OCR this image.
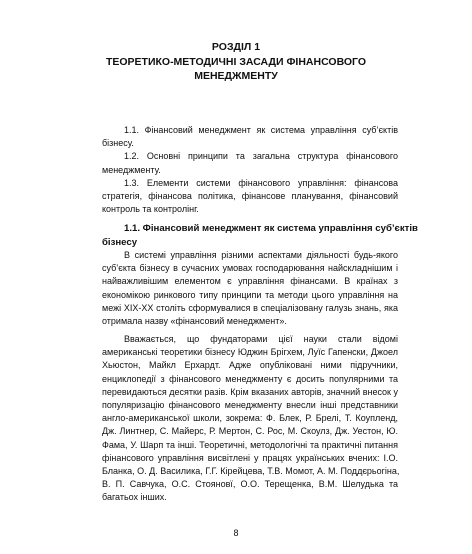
РОЗДІЛ 1
ТЕОРЕТИКО-МЕТОДИЧНІ ЗАСАДИ ФІНАНСОВОГО
МЕНЕДЖМЕНТУ
1.1. Фінансовий менеджмент як система управління суб’єктів
бізнесу.
1.2. Основні принципи та загальна структура фінансового
менеджменту.
1.3. Елементи системи фінансового управління: фінансова
стратегія, фінансова політика, фінансове планування, фінансовий
контроль та контролінг.
1.1. Фінансовий менеджмент як система управління суб’єктів
бізнесу
В системі управління різними аспектами діяльності будь-якого
суб’єкта бізнесу в сучасних умовах господарювання найскладнішим і
найважливішим елементом є управління фінансами. В країнах з
економікою ринкового типу принципи та методи цього управління на
межі XIX-XX століть сформувалися в спеціалізовану галузь знань, яка
отримала назву «фінансовий менеджмент».
Вважається, що фундаторами цієї науки стали відомі
американські теоретики бізнесу Юджин Брігхем, Луїс Гапенски, Джоел
Хьюстон, Майкл Ерхардт. Адже опубліковані ними підручники,
енциклопедії з фінансового менеджменту є досить популярними та
перевидаються десятки разів. Крім вказаних авторів, значний внесок у
популяризацію фінансового менеджменту внесли інші представники
англо-американської школи, зокрема: Ф. Блек, Р. Брелі, Т. Коупленд,
Дж. Линтнер, С. Майерс, Р. Мертон, С. Рос, М. Скоулз, Дж. Уестон, Ю.
Фама, У. Шарп та інші. Теоретичні, методологічні та практичні питання
фінансового управління висвітлені у працях українських вчених: І.О.
Бланка, О. Д. Василика, Г.Г. Кірейцева, Т.В. Момот, А. М. Поддєрьогіна,
В. П. Савчука, О.С. Стояновї, О.О. Терещенка, В.М. Шелудька та
багатьох інших.
8
